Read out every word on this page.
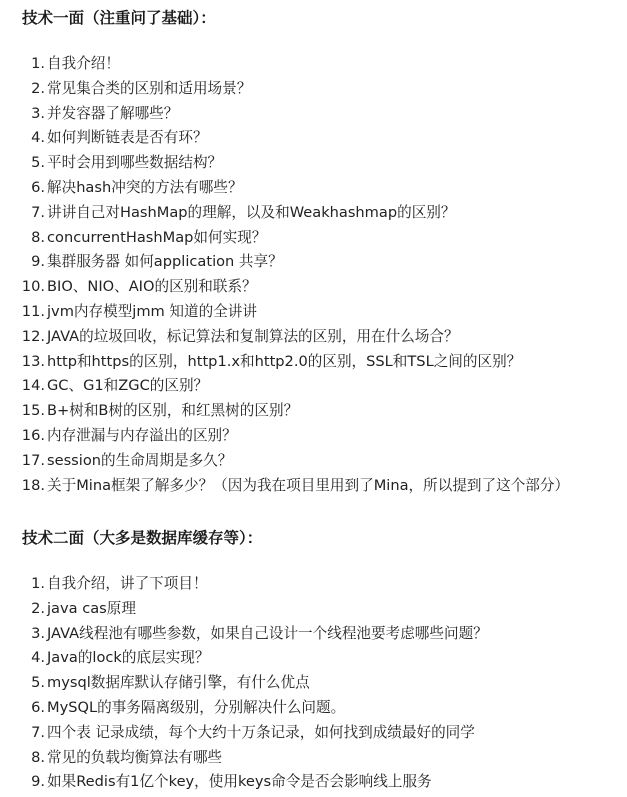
技术一面（注重问了基础）：
1. 自我介绍！
2. 常见集合类的区别和适用场景？
3. 并发容器了解哪些？
4. 如何判断链表是否有环？
5. 平时会用到哪些数据结构？
6. 解决hash冲突的方法有哪些？
7. 讲讲自己对HashMap的理解，以及和Weakhashmap的区别？
8. concurrentHashMap如何实现？
9. 集群服务器 如何application 共享？
10. BIO、NIO、AIO的区别和联系？
11. jvm内存模型jmm 知道的全讲讲
12. JAVA的垃圾回收，标记算法和复制算法的区别，用在什么场合？
13. http和https的区别，http1.x和http2.0的区别，SSL和TSL之间的区别？
14. GC、G1和ZGC的区别？
15. B+树和B树的区别，和红黑树的区别？
16. 内存泄漏与内存溢出的区别？
17. session的生命周期是多久？
18. 关于Mina框架了解多少？（因为我在项目里用到了Mina，所以提到了这个部分）
技术二面（大多是数据库缓存等）：
1. 自我介绍，讲了下项目！
2. java cas原理
3. JAVA线程池有哪些参数，如果自己设计一个线程池要考虑哪些问题？
4. Java的lock的底层实现？
5. mysql数据库默认存储引擎，有什么优点
6. MySQL的事务隔离级别，分别解决什么问题。
7. 四个表 记录成绩，每个大约十万条记录，如何找到成绩最好的同学
8. 常见的负载均衡算法有哪些
9. 如果Redis有1亿个key，使用keys命令是否会影响线上服务
